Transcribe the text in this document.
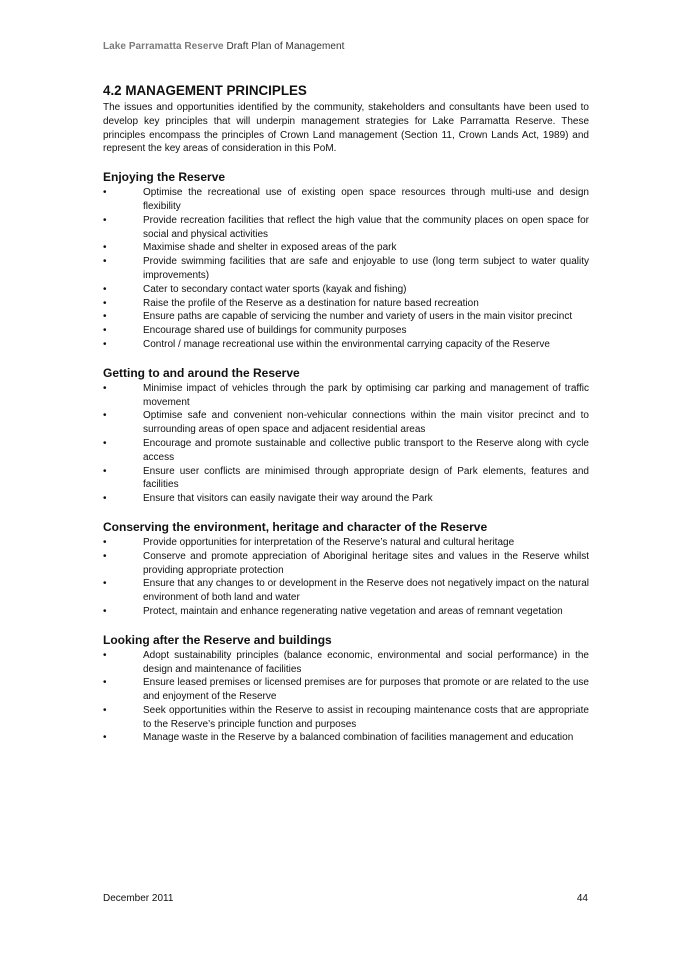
Lake Parramatta Reserve Draft Plan of Management
4.2 MANAGEMENT PRINCIPLES

The issues and opportunities identified by the community, stakeholders and consultants have been used to develop key principles that will underpin management strategies for Lake Parramatta Reserve. These principles encompass the principles of Crown Land management (Section 11, Crown Lands Act, 1989) and represent the key areas of consideration in this PoM.

Enjoying the Reserve
•	Optimise the recreational use of existing open space resources through multi-use and design flexibility
•	Provide recreation facilities that reflect the high value that the community places on open space for social and physical activities
•	Maximise shade and shelter in exposed areas of the park
•	Provide swimming facilities that are safe and enjoyable to use (long term subject to water quality improvements)
•	Cater to secondary contact water sports (kayak and fishing)
•	Raise the profile of the Reserve as a destination for nature based recreation
•	Ensure paths are capable of servicing the number and variety of users in the main visitor precinct
•	Encourage shared use of buildings for community purposes
•	Control / manage recreational use within the environmental carrying capacity of the Reserve
Getting to and around the Reserve
•	Minimise impact of vehicles through the park by optimising car parking and management of traffic movement
•	Optimise safe and convenient non-vehicular connections within the main visitor precinct and to surrounding areas of open space and adjacent residential areas
•	Encourage and promote sustainable and collective public transport to the Reserve along with cycle access
•	Ensure user conflicts are minimised through appropriate design of Park elements, features and facilities
•	Ensure that visitors can easily navigate their way around the Park
Conserving the environment, heritage and character of the Reserve
•	Provide opportunities for interpretation of the Reserve’s natural and cultural heritage
•	Conserve and promote appreciation of Aboriginal heritage sites and values in the Reserve whilst providing appropriate protection
•	Ensure that any changes to or development in the Reserve does not negatively impact on the natural environment of both land and water
•	Protect, maintain and enhance regenerating native vegetation and areas of remnant vegetation
Looking after the Reserve and buildings
•	Adopt sustainability principles (balance economic, environmental and social performance) in the design and maintenance of facilities
•	Ensure leased premises or licensed premises are for purposes that promote or are related to the use and enjoyment of the Reserve
•	Seek opportunities within the Reserve to assist in recouping maintenance costs that are appropriate to the Reserve’s principle function and purposes
•	Manage waste in the Reserve by a balanced combination of facilities management and education
December 2011	44
